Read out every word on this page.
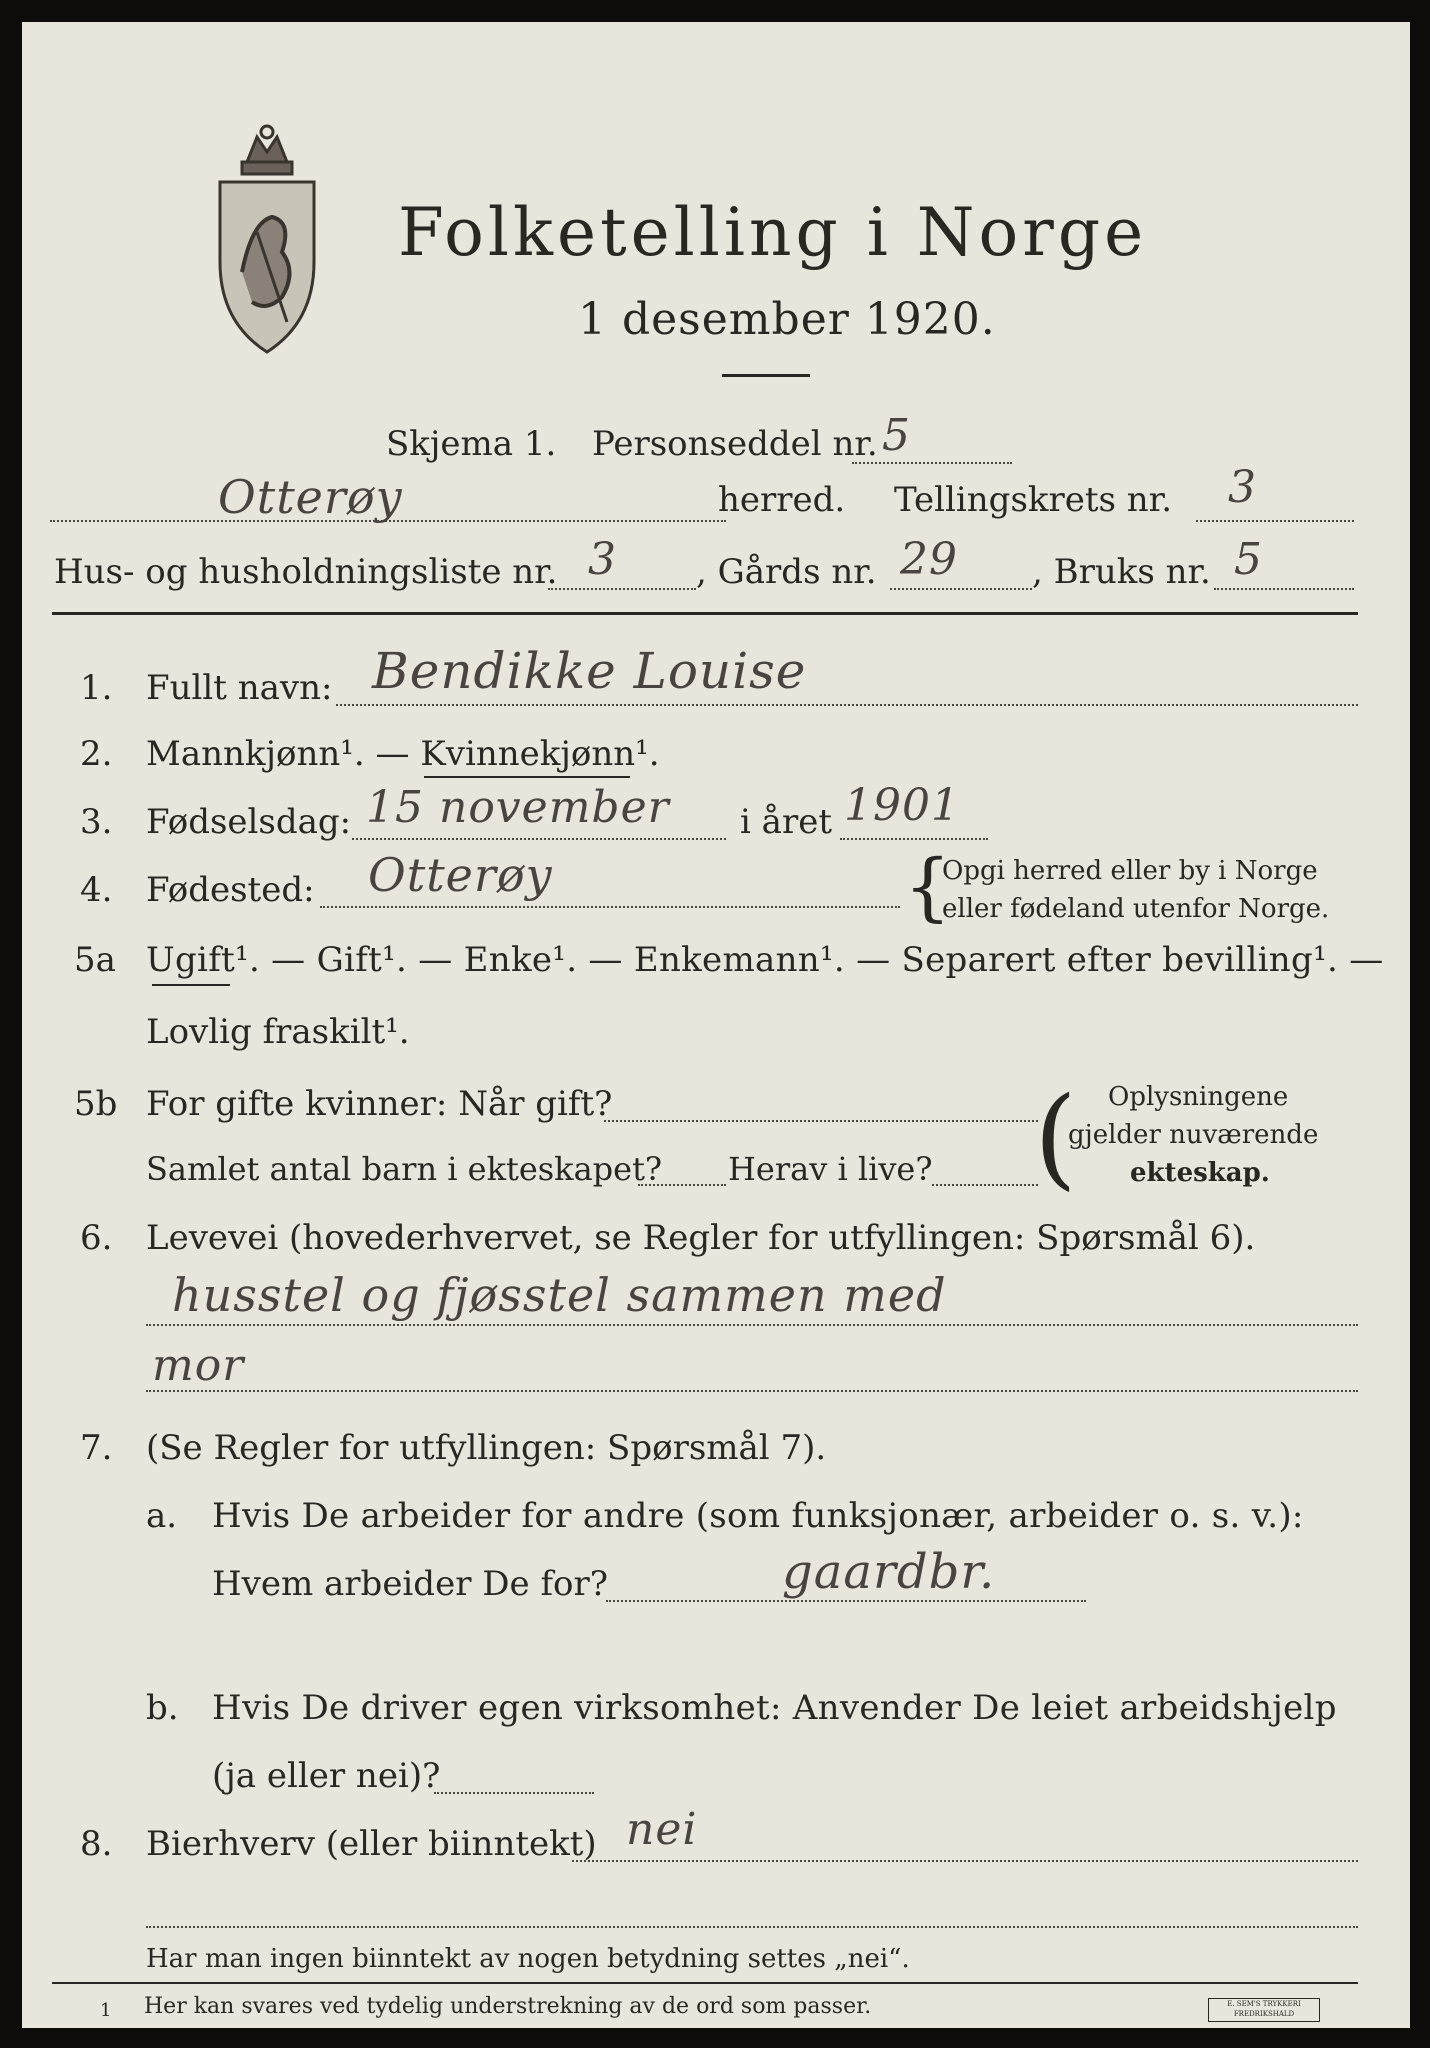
Folketelling i Norge
1 desember 1920.
Skjema 1. Personseddel nr. 5
Otterøy	herred. Tellingskrets nr. 3
Hus- og husholdningsliste nr. 3 , Gårds nr. 29 , Bruks nr. 5
1. Fullt navn: Bendikke Louise
2. Mannkjønn¹. — Kvinnekjønn¹.
3. Fødselsdag: 15 november i året 1901
4. Fødested: Otterøy	{
Opgi herred eller by i Norge
eller fødeland utenfor Norge.
5a Ugift¹. — Gift¹. — Enke¹. — Enkemann¹. — Separert efter bevilling¹. —
Lovlig fraskilt¹.
5b For gifte kvinner: Når gift?
Samlet antal barn i ekteskapet? Herav i live? ( Oplysningene
gjelder nuværende
ekteskap.
6. Levevei (hovederhvervet, se Regler for utfyllingen: Spørsmål 6).
husstel og fjøsstel sammen med
mor
7. (Se Regler for utfyllingen: Spørsmål 7).
a. Hvis De arbeider for andre (som funksjonær, arbeider o. s. v.):
Hvem arbeider De for?	gaardbr.
b. Hvis De driver egen virksomhet: Anvender De leiet arbeidshjelp
(ja eller nei)?
8. Bierhverv (eller biinntekt) nei
Har man ingen biinntekt av nogen betydning settes „nei“.
1 Her kan svares ved tydelig understrekning av de ord som passer.	E. SEM'S TRYKKERI
FREDRIKSHALD
